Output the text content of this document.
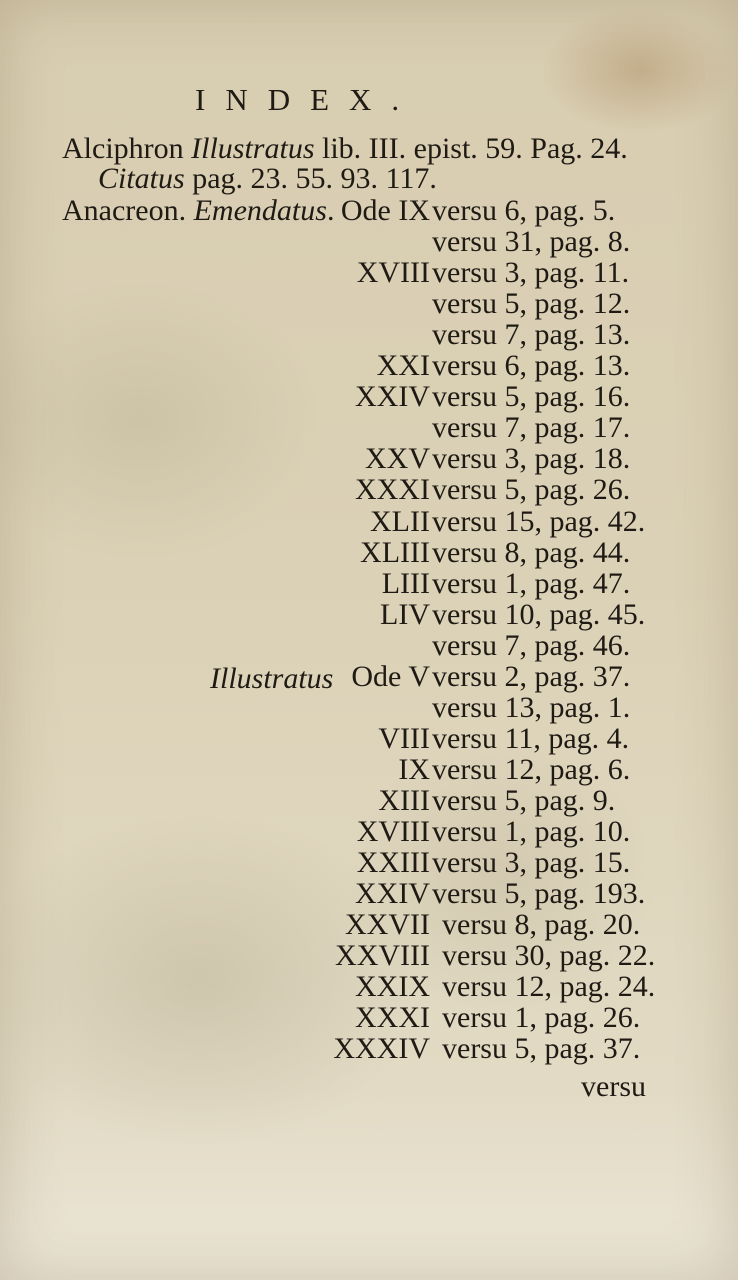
INDEX.
Alciphron Illustratus lib. III. epist. 59. Pag. 24.
Citatus pag. 23. 55. 93. 117.
Anacreon. Emendatus.
Illustratus
Ode IX versu 6, pag. 5.
versu 31, pag. 8.
XVIII versu 3, pag. 11.
versu 5, pag. 12.
versu 7, pag. 13.
XXI versu 6, pag. 13.
XXIV versu 5, pag. 16.
versu 7, pag. 17.
XXV versu 3, pag. 18.
XXXI versu 5, pag. 26.
XLII versu 15, pag. 42.
XLIII versu 8, pag. 44.
LIII versu 1, pag. 47.
LIV versu 10, pag. 45.
versu 7, pag. 46.
Ode V versu 2, pag. 37.
versu 13, pag. 1.
VIII versu 11, pag. 4.
IX versu 12, pag. 6.
XIII versu 5, pag. 9.
XVIII versu 1, pag. 10.
XXIII versu 3, pag. 15.
XXIV versu 5, pag. 193.
XXVII versu 8, pag. 20.
XXVIII versu 30, pag. 22.
XXIX versu 12, pag. 24.
XXXI versu 1, pag. 26.
XXXIV versu 5, pag. 37.
versu
